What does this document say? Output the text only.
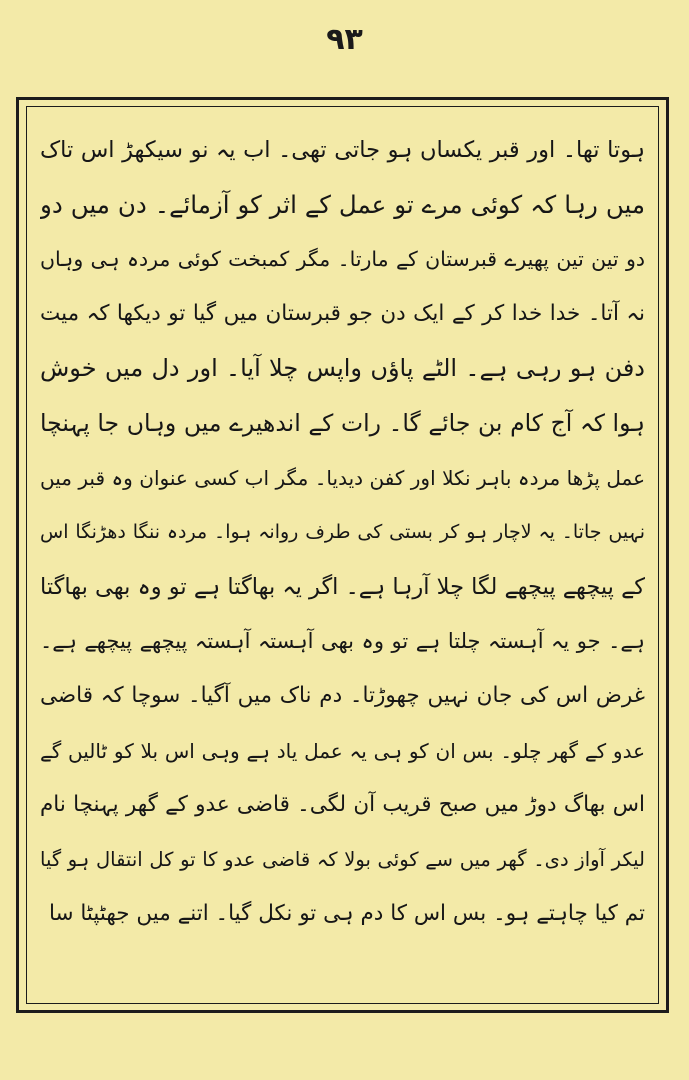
٩٣
ہوتا تھا۔ اور قبر یکساں ہو جاتی تھی۔ اب یہ نو سیکھڑ اس تاک
میں رہا کہ کوئی مرے تو عمل کے اثر کو آزمائے۔ دن میں دو
دو تین تین پھیرے قبرستان کے مارتا۔ مگر کمبخت کوئی مردہ ہی وہاں
نہ آتا۔ خدا خدا کر کے ایک دن جو قبرستان میں گیا تو دیکھا کہ میت
دفن ہو رہی ہے۔ الٹے پاؤں واپس چلا آیا۔ اور دل میں خوش
ہوا کہ آج کام بن جائے گا۔ رات کے اندھیرے میں وہاں جا پہنچا
عمل پڑھا مردہ باہر نکلا اور کفن دیدیا۔ مگر اب کسی عنوان وہ قبر میں
نہیں جاتا۔ یہ لاچار ہو کر بستی کی طرف روانہ ہوا۔ مردہ ننگا دھڑنگا اس
کے پیچھے پیچھے لگا چلا آرہا ہے۔ اگر یہ بھاگتا ہے تو وہ بھی بھاگتا
ہے۔ جو یہ آہستہ چلتا ہے تو وہ بھی آہستہ آہستہ پیچھے پیچھے ہے۔
غرض اس کی جان نہیں چھوڑتا۔ دم ناک میں آگیا۔ سوچا کہ قاضی
عدو کے گھر چلو۔ بس ان کو ہی یہ عمل یاد ہے وہی اس بلا کو ٹالیں گے
اس بھاگ دوڑ میں صبح قریب آن لگی۔ قاضی عدو کے گھر پہنچا نام
لیکر آواز دی۔ گھر میں سے کوئی بولا کہ قاضی عدو کا تو کل انتقال ہو گیا
تم کیا چاہتے ہو۔ بس اس کا دم ہی تو نکل گیا۔ اتنے میں جھٹپٹا سا
